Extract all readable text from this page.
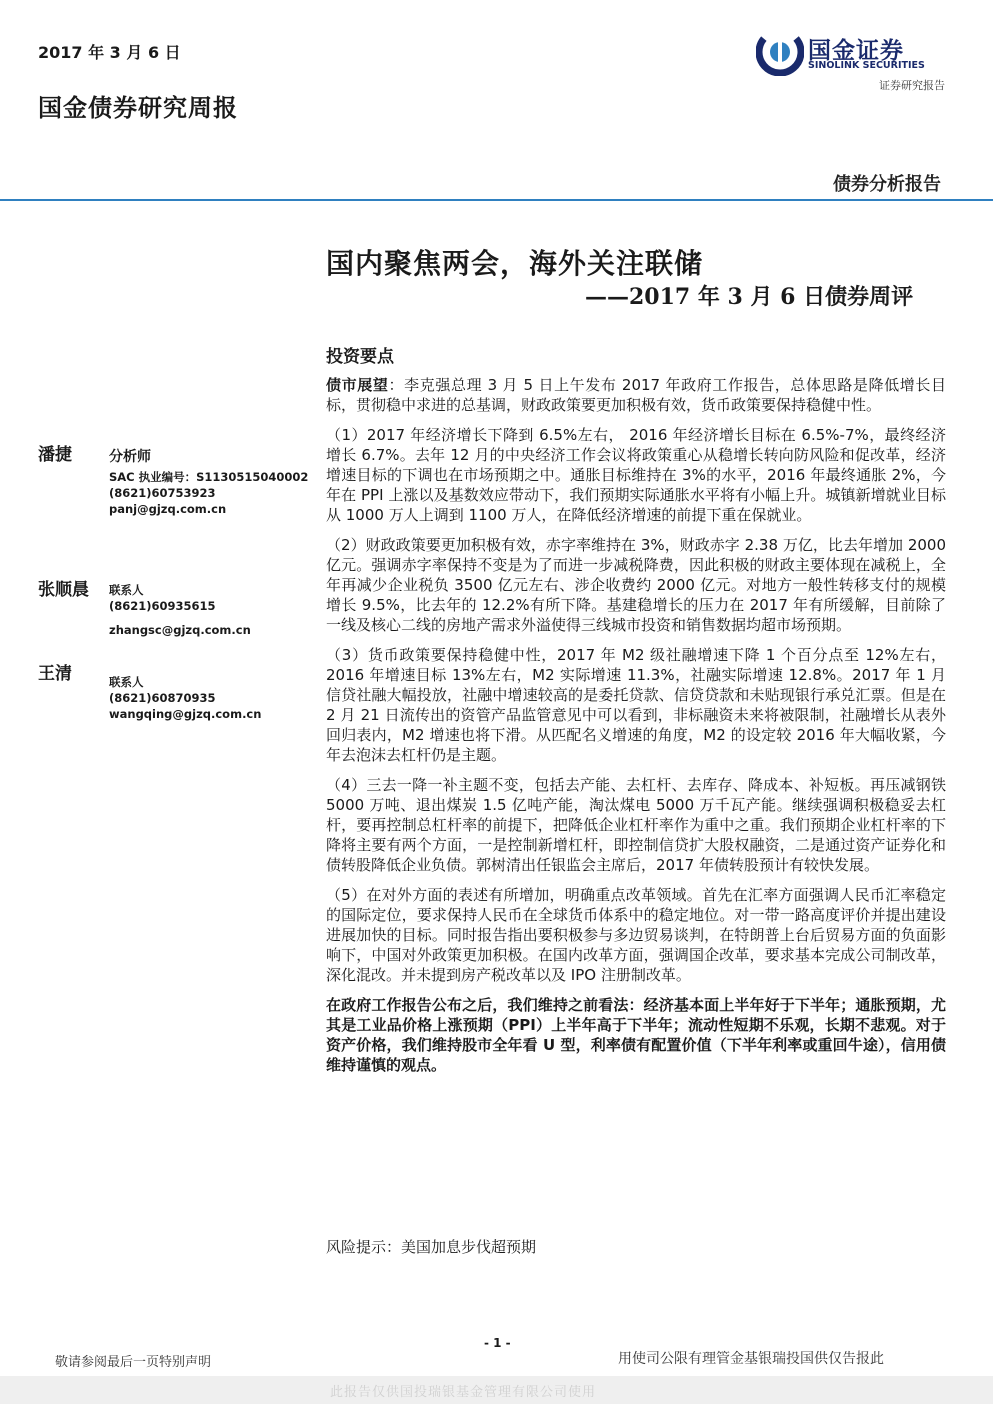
2017 年 3 月 6 日
国金债券研究周报
国金证券
SINOLINK SECURITIES
证券研究报告
债券分析报告
国内聚焦两会，海外关注联储
——2017 年 3 月 6 日债券周评
投资要点

债市展望：李克强总理 3 月 5 日上午发布 2017 年政府工作报告，总体思路是降低增长目标，贯彻稳中求进的总基调，财政政策要更加积极有效，货币政策要保持稳健中性。

（1）2017 年经济增长下降到 6.5%左右， 2016 年经济增长目标在 6.5%-7%，最终经济增长 6.7%。去年 12 月的中央经济工作会议将政策重心从稳增长转向防风险和促改革，经济增速目标的下调也在市场预期之中。通胀目标维持在 3%的水平，2016 年最终通胀 2%，今年在 PPI 上涨以及基数效应带动下，我们预期实际通胀水平将有小幅上升。城镇新增就业目标从 1000 万人上调到 1100 万人，在降低经济增速的前提下重在保就业。

（2）财政政策要更加积极有效，赤字率维持在 3%，财政赤字 2.38 万亿，比去年增加 2000 亿元。强调赤字率保持不变是为了而进一步减税降费，因此积极的财政主要体现在减税上，全年再减少企业税负 3500 亿元左右、涉企收费约 2000 亿元。对地方一般性转移支付的规模增长 9.5%，比去年的 12.2%有所下降。基建稳增长的压力在 2017 年有所缓解，目前除了一线及核心二线的房地产需求外溢使得三线城市投资和销售数据均超市场预期。

（3）货币政策要保持稳健中性，2017 年 M2 级社融增速下降 1 个百分点至 12%左右，2016 年增速目标 13%左右，M2 实际增速 11.3%，社融实际增速 12.8%。2017 年 1 月信贷社融大幅投放，社融中增速较高的是委托贷款、信贷贷款和未贴现银行承兑汇票。但是在 2 月 21 日流传出的资管产品监管意见中可以看到，非标融资未来将被限制，社融增长从表外回归表内，M2 增速也将下滑。从匹配名义增速的角度，M2 的设定较 2016 年大幅收紧，今年去泡沫去杠杆仍是主题。

（4）三去一降一补主题不变，包括去产能、去杠杆、去库存、降成本、补短板。再压减钢铁 5000 万吨、退出煤炭 1.5 亿吨产能，淘汰煤电 5000 万千瓦产能。继续强调积极稳妥去杠杆，要再控制总杠杆率的前提下，把降低企业杠杆率作为重中之重。我们预期企业杠杆率的下降将主要有两个方面，一是控制新增杠杆，即控制信贷扩大股权融资，二是通过资产证券化和债转股降低企业负债。郭树清出任银监会主席后，2017 年债转股预计有较快发展。

（5）在对外方面的表述有所增加，明确重点改革领域。首先在汇率方面强调人民币汇率稳定的国际定位，要求保持人民币在全球货币体系中的稳定地位。对一带一路高度评价并提出建设进展加快的目标。同时报告指出要积极参与多边贸易谈判，在特朗普上台后贸易方面的负面影响下，中国对外政策更加积极。在国内改革方面，强调国企改革，要求基本完成公司制改革，深化混改。并未提到房产税改革以及 IPO 注册制改革。

在政府工作报告公布之后，我们维持之前看法：经济基本面上半年好于下半年；通胀预期，尤其是工业品价格上涨预期（PPI）上半年高于下半年；流动性短期不乐观，长期不悲观。对于资产价格，我们维持股市全年看 U 型，利率债有配置价值（下半年利率或重回牛途），信用债维持谨慎的观点。

风险提示：美国加息步伐超预期
潘捷	分析师
SAC 执业编号：S1130515040002
(8621)60753923
panj@gjzq.com.cn
张顺晨 联系人
(8621)60935615
zhangsc@gjzq.com.cn
王清	联系人
(8621)60870935
wangqing@gjzq.com.cn
敬请参阅最后一页特别声明
- 1 -
用使司公限有理管金基银瑞投国供仅告报此
此报告仅供国投瑞银基金管理有限公司使用
